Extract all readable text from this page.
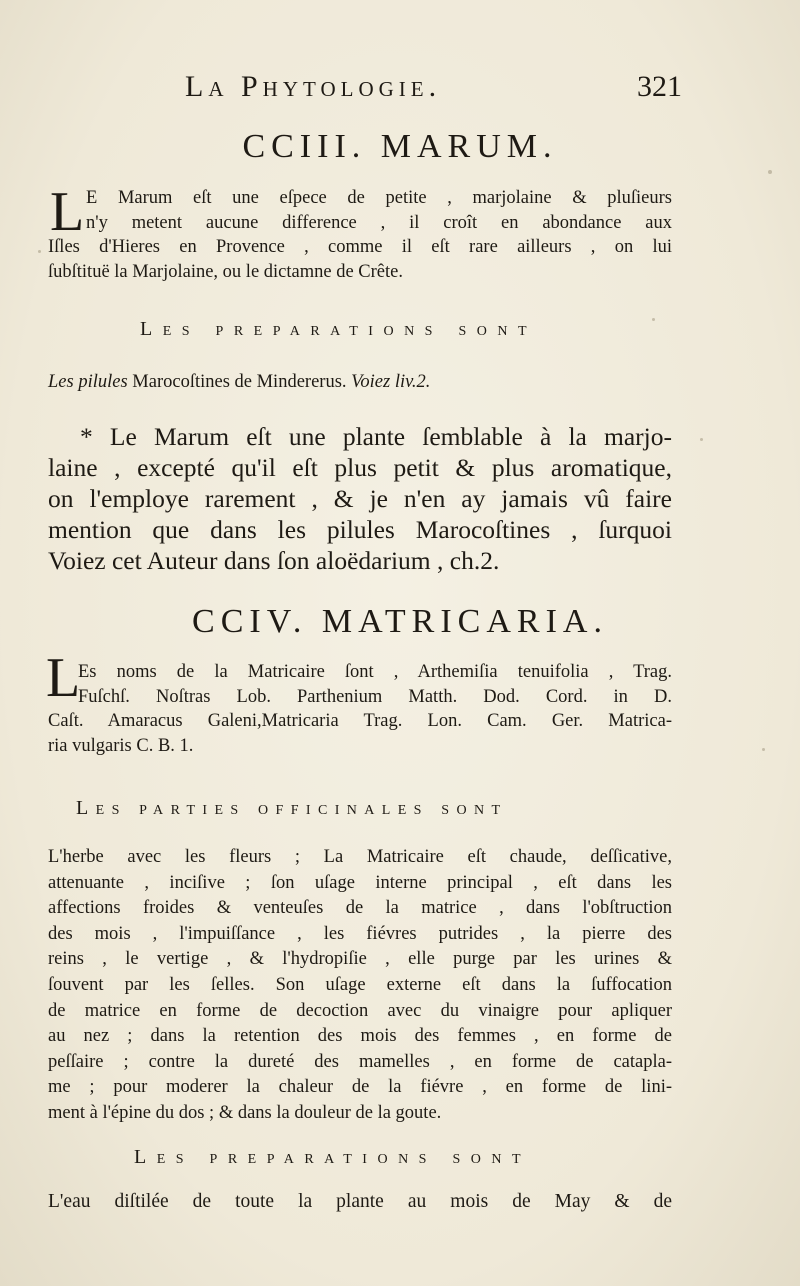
La Phytologie.	321
CCIII. MARUM.
L E Marum eſt une eſpece de petite , marjolaine & pluſieurs
n'y metent aucune difference , il croît en abondance aux
Iſles d'Hieres en Provence , comme il eſt rare ailleurs , on lui
ſubſtituë la Marjolaine, ou le dictamne de Crête.
Les preparations sont
Les pilules Marocoſtines de Mindererus. Voiez liv.2.
* Le Marum eſt une plante ſemblable à la marjo-
laine , excepté qu'il eſt plus petit & plus aromatique,
on l'employe rarement , & je n'en ay jamais vû faire
mention que dans les pilules Marocoſtines , ſurquoi
Voiez cet Auteur dans ſon aloëdarium , ch.2.
CCIV. MATRICARIA.
L
Es noms de la Matricaire ſont , Arthemiſia tenuifolia , Trag.
Fuſchſ. Noſtras Lob. Parthenium Matth. Dod. Cord. in D.
Caſt. Amaracus Galeni,Matricaria Trag. Lon. Cam. Ger. Matrica-
ria vulgaris C. B. 1.
Les parties officinales sont
L'herbe avec les fleurs ; La Matricaire eſt chaude, deſſicative,
attenuante , inciſive ; ſon uſage interne principal , eſt dans les
affections froides & venteuſes de la matrice , dans l'obſtruction
des mois , l'impuiſſance , les fiévres putrides , la pierre des
reins , le vertige , & l'hydropiſie , elle purge par les urines &
ſouvent par les ſelles. Son uſage externe eſt dans la ſuffocation
de matrice en forme de decoction avec du vinaigre pour apliquer
au nez ; dans la retention des mois des femmes , en forme de
peſſaire ; contre la dureté des mamelles , en forme de catapla-
me ; pour moderer la chaleur de la fiévre , en forme de lini-
ment à l'épine du dos ; & dans la douleur de la goute.
Les preparations sont
L'eau diſtilée de toute la plante au mois de May & de
